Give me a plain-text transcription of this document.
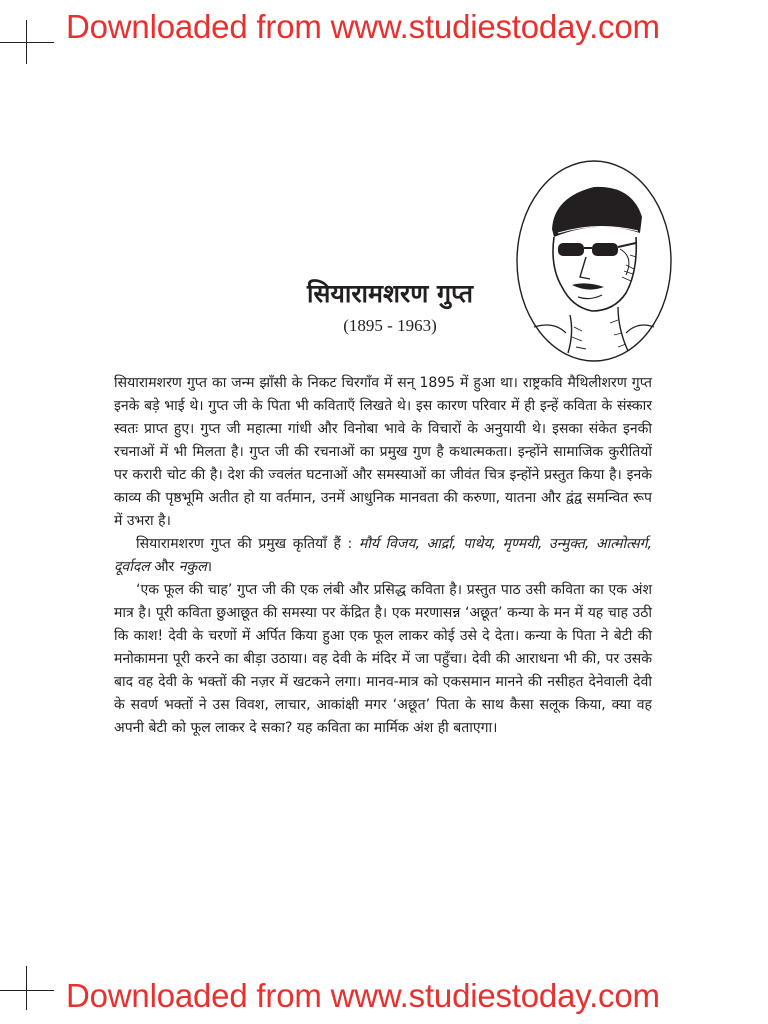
Downloaded from www.studiestoday.com
सियारामशरण गुप्त
(1895 - 1963)

सियारामशरण गुप्त का जन्म झाँसी के निकट चिरगाँव में सन् 1895 में हुआ था। राष्ट्रकवि मैथिलीशरण गुप्त इनके बड़े भाई थे। गुप्त जी के पिता भी कविताएँ लिखते थे। इस कारण परिवार में ही इन्हें कविता के संस्कार स्वतः प्राप्त हुए। गुप्त जी महात्मा गांधी और विनोबा भावे के विचारों के अनुयायी थे। इसका संकेत इनकी रचनाओं में भी मिलता है। गुप्त जी की रचनाओं का प्रमुख गुण है कथात्मकता। इन्होंने सामाजिक कुरीतियों पर करारी चोट की है। देश की ज्वलंत घटनाओं और समस्याओं का जीवंत चित्र इन्होंने प्रस्तुत किया है। इनके काव्य की पृष्ठभूमि अतीत हो या वर्तमान, उनमें आधुनिक मानवता की करुणा, यातना और द्वंद्व समन्वित रूप में उभरा है।

सियारामशरण गुप्त की प्रमुख कृतियाँ हैं : मौर्य विजय, आर्द्रा, पाथेय, मृण्मयी, उन्मुक्त, आत्मोत्सर्ग, दूर्वादल और नकुल।

‘एक फूल की चाह’ गुप्त जी की एक लंबी और प्रसिद्ध कविता है। प्रस्तुत पाठ उसी कविता का एक अंश मात्र है। पूरी कविता छुआछूत की समस्या पर केंद्रित है। एक मरणासन्न ‘अछूत’ कन्या के मन में यह चाह उठी कि काश! देवी के चरणों में अर्पित किया हुआ एक फूल लाकर कोई उसे दे देता। कन्या के पिता ने बेटी की मनोकामना पूरी करने का बीड़ा उठाया। वह देवी के मंदिर में जा पहुँचा। देवी की आराधना भी की, पर उसके बाद वह देवी के भक्तों की नज़र में खटकने लगा। मानव-मात्र को एकसमान मानने की नसीहत देनेवाली देवी के सवर्ण भक्तों ने उस विवश, लाचार, आकांक्षी मगर ‘अछूत’ पिता के साथ कैसा सलूक किया, क्या वह अपनी बेटी को फूल लाकर दे सका? यह कविता का मार्मिक अंश ही बताएगा।

Downloaded from www.studiestoday.com
